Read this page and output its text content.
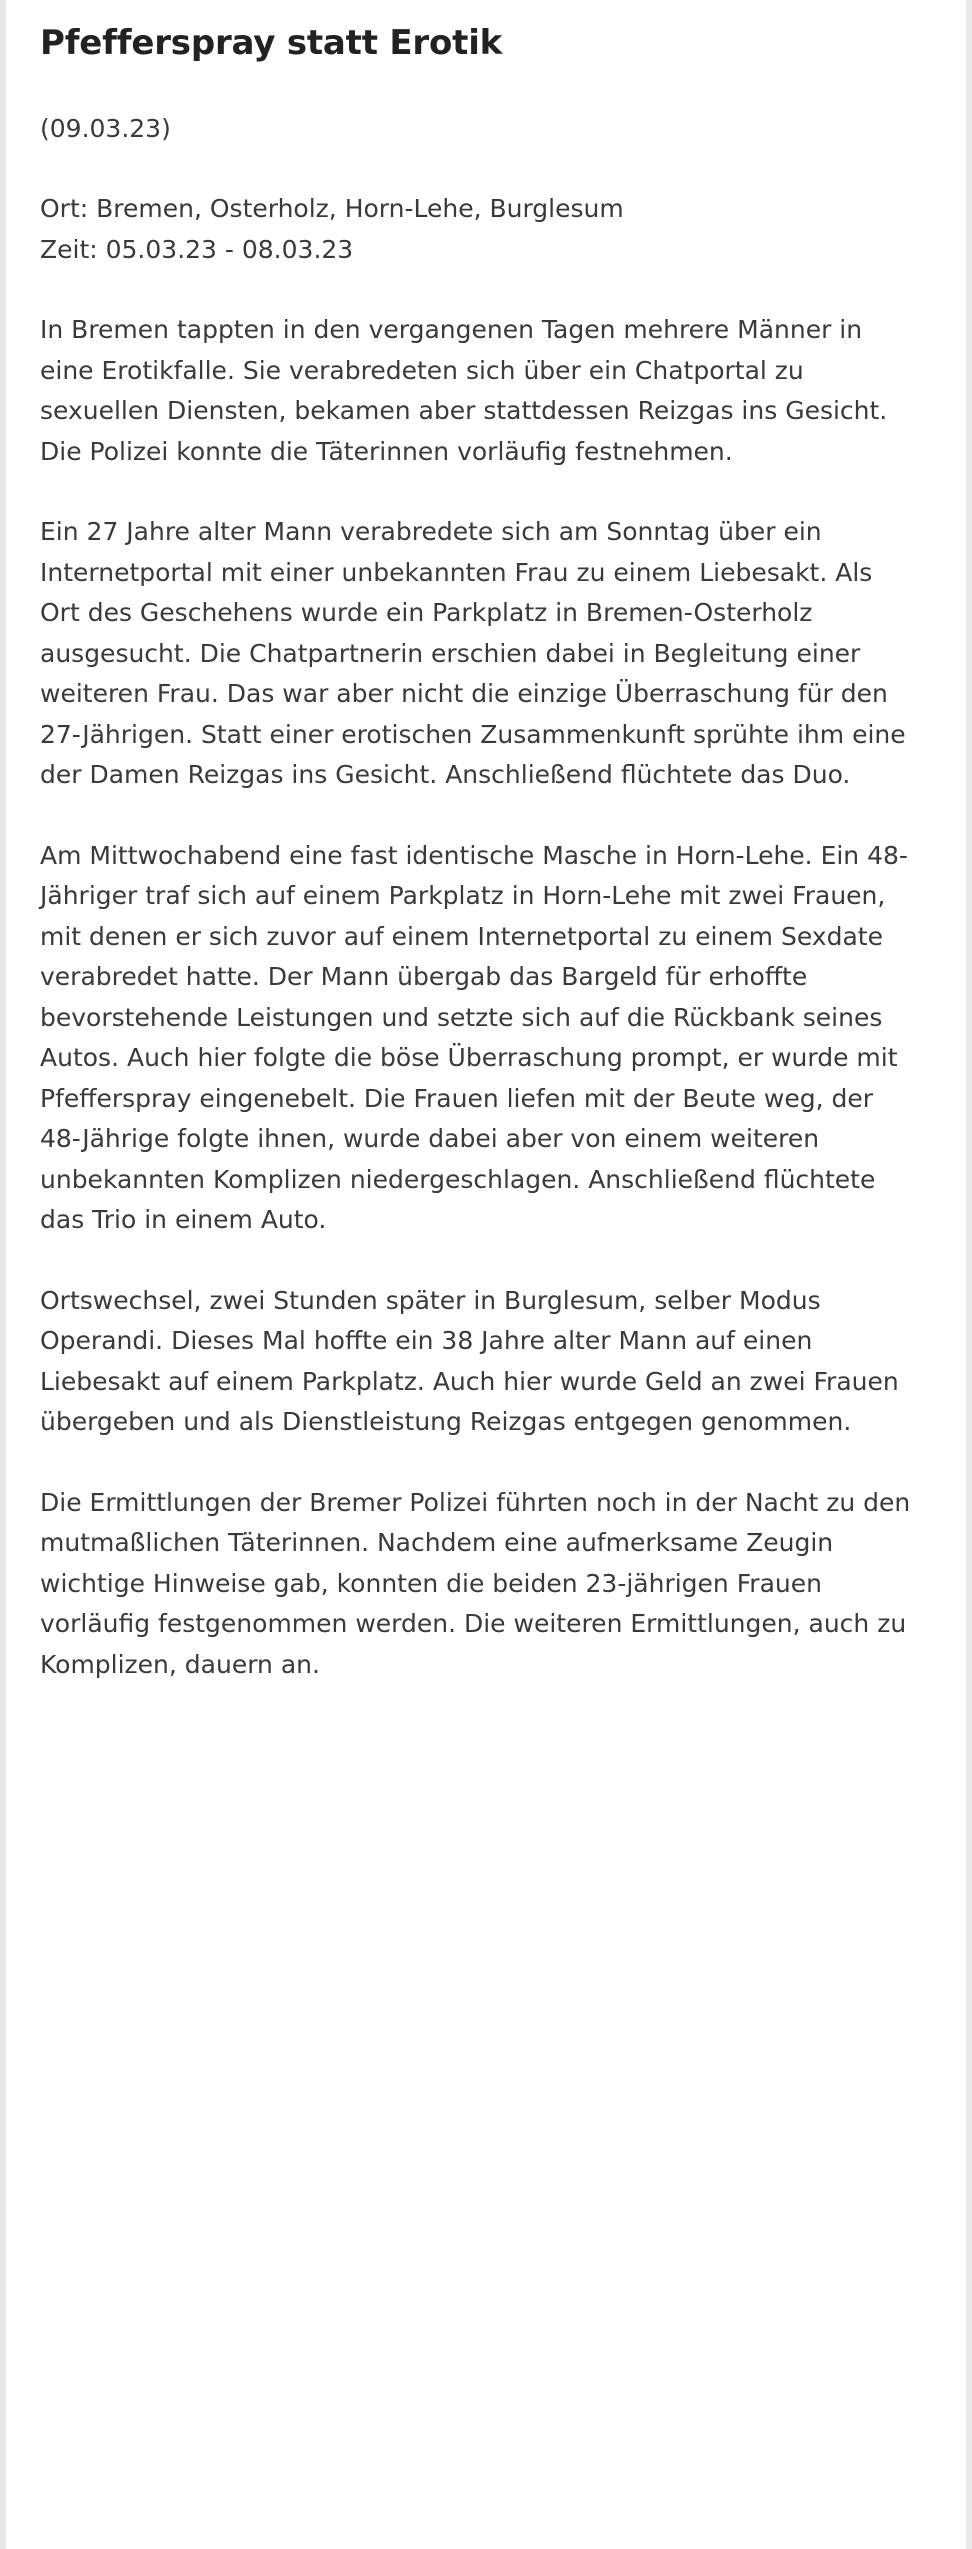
Pfefferspray statt Erotik

(09.03.23)

Ort: Bremen, Osterholz, Horn-Lehe, Burglesum
Zeit: 05.03.23 - 08.03.23

In Bremen tappten in den vergangenen Tagen mehrere Männer in eine Erotikfalle. Sie verabredeten sich über ein Chatportal zu sexuellen Diensten, bekamen aber stattdessen Reizgas ins Gesicht. Die Polizei konnte die Täterinnen vorläufig festnehmen.

Ein 27 Jahre alter Mann verabredete sich am Sonntag über ein Internetportal mit einer unbekannten Frau zu einem Liebesakt. Als Ort des Geschehens wurde ein Parkplatz in Bremen-Osterholz ausgesucht. Die Chatpartnerin erschien dabei in Begleitung einer weiteren Frau. Das war aber nicht die einzige Überraschung für den 27-Jährigen. Statt einer erotischen Zusammenkunft sprühte ihm eine der Damen Reizgas ins Gesicht. Anschließend flüchtete das Duo.

Am Mittwochabend eine fast identische Masche in Horn-Lehe. Ein 48-Jähriger traf sich auf einem Parkplatz in Horn-Lehe mit zwei Frauen, mit denen er sich zuvor auf einem Internetportal zu einem Sexdate verabredet hatte. Der Mann übergab das Bargeld für erhoffte bevorstehende Leistungen und setzte sich auf die Rückbank seines Autos. Auch hier folgte die böse Überraschung prompt, er wurde mit Pfefferspray eingenebelt. Die Frauen liefen mit der Beute weg, der 48-Jährige folgte ihnen, wurde dabei aber von einem weiteren unbekannten Komplizen niedergeschlagen. Anschließend flüchtete das Trio in einem Auto.

Ortswechsel, zwei Stunden später in Burglesum, selber Modus Operandi. Dieses Mal hoffte ein 38 Jahre alter Mann auf einen Liebesakt auf einem Parkplatz. Auch hier wurde Geld an zwei Frauen übergeben und als Dienstleistung Reizgas entgegen genommen.

Die Ermittlungen der Bremer Polizei führten noch in der Nacht zu den mutmaßlichen Täterinnen. Nachdem eine aufmerksame Zeugin wichtige Hinweise gab, konnten die beiden 23-jährigen Frauen vorläufig festgenommen werden. Die weiteren Ermittlungen, auch zu Komplizen, dauern an.
